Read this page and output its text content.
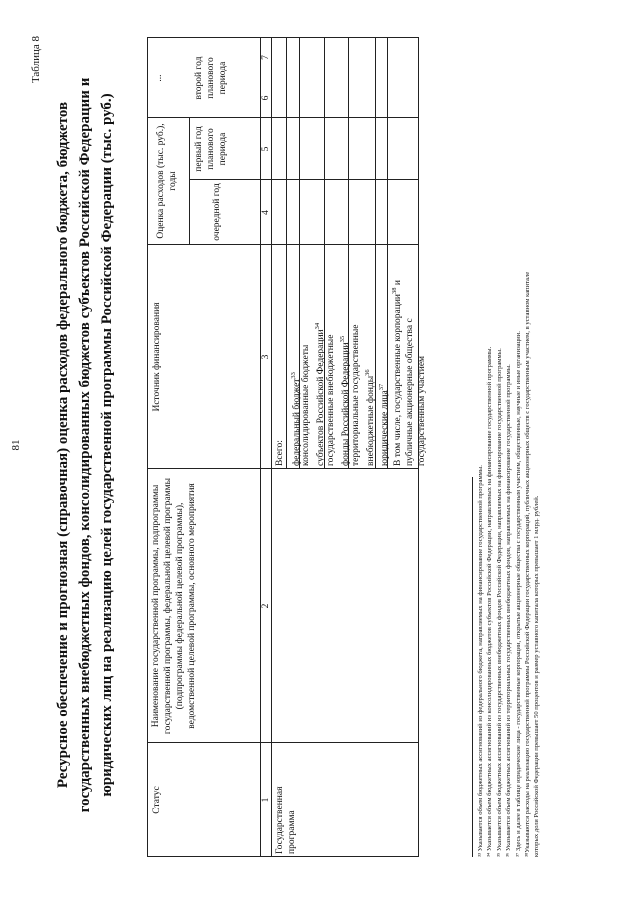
81
Таблица 8
Ресурсное обеспечение и прогнозная (справочная) оценка расходов федерального бюджета, бюджетов государственных внебюджетных фондов, консолидированных бюджетов субъектов Российской Федерации и юридических лиц на реализацию целей государственной программы Российской Федерации (тыс. руб.)
Статус
Наименование государственной программы, подпрограммы государственной программы, федеральной целевой программы (подпрограммы федеральной целевой программы), ведомственной целевой программы, основного мероприятия
Источник финансирования
очередной год
Оценка расходов (тыс. руб.), годы
первый год планового периода
второй год планового периода
...
1
2
3
4
5
6
7
Государственная программа
Всего: федеральный бюджет$^{33}$ консолидированные бюджеты субъектов Российской Федерации$^{34}$
государственные внебюджетные фонды Российской Федерации$^{35}$ территориальные государственные внебюджетные фонды$^{36}$
юридические лица$^{37}$ В том числе, государственные корпорации$^{38}$ и публичные акционерные общества с государственным участием
³³ Указывается объем бюджетных ассигнований из федерального бюджета, направляемых на финансирование государственной программы. ³⁴ Указывается объем бюджетных ассигнований из консолидированных бюджетов субъектов Российской Федерации, направляемых на финансирование государственной программы. ³⁵ Указывается объем бюджетных ассигнований из государственных внебюджетных фондов Российской Федерации, направляемых на финансирование государственной программы. ³⁶ Указывается объем бюджетных ассигнований из территориальных государственных внебюджетных фондов, направляемых на финансирование государственной программы. ³⁷ Здесь и далее в таблице юридические лица - государственные корпорации, открытые акционерные общества с государственным участием, общественные, научные и иные организации. ³⁸Указываются расходы на реализацию государственной программы Российской Федерации государственных корпораций, публичных акционерных обществ с государственным участием, в уставном капитале которых доля Российской Федерации превышает 50 процентов и размер уставного капитала которых превышает 1 млрд. рублей.
